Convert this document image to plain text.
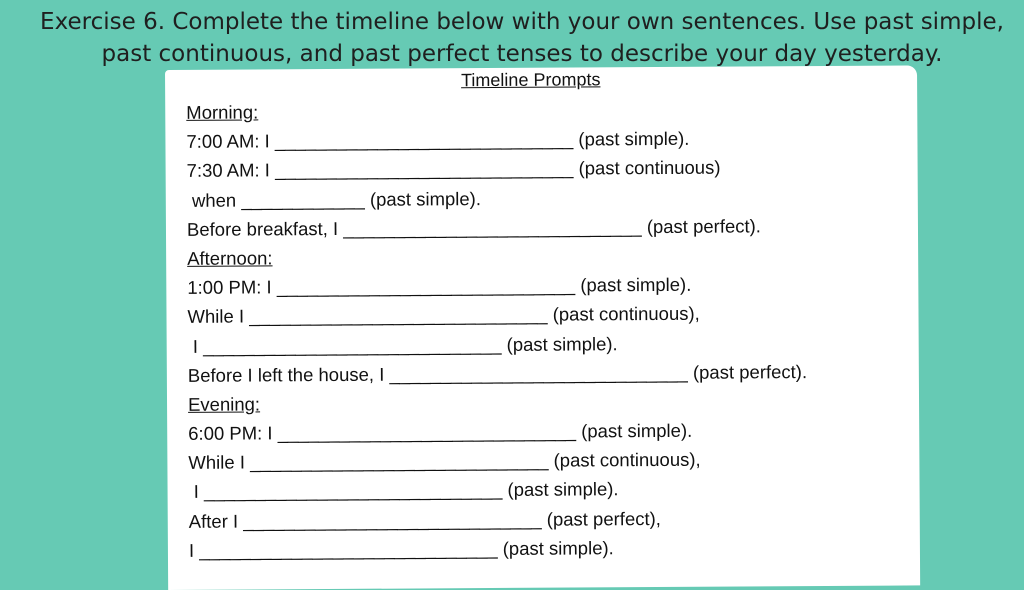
Exercise 6. Complete the timeline below with your own sentences. Use past simple,
past continuous, and past perfect tenses to describe your day yesterday.
Timeline Prompts
Morning:
7:00 AM: I _____________________________ (past simple).
7:30 AM: I _____________________________ (past continuous)
when ____________ (past simple).
Before breakfast, I _____________________________ (past perfect).
Afternoon:
1:00 PM: I _____________________________ (past simple).
While I _____________________________ (past continuous),
I _____________________________ (past simple).
Before I left the house, I _____________________________ (past perfect).
Evening:
6:00 PM: I _____________________________ (past simple).
While I _____________________________ (past continuous),
I _____________________________ (past simple).
After I _____________________________ (past perfect),
I _____________________________ (past simple).
